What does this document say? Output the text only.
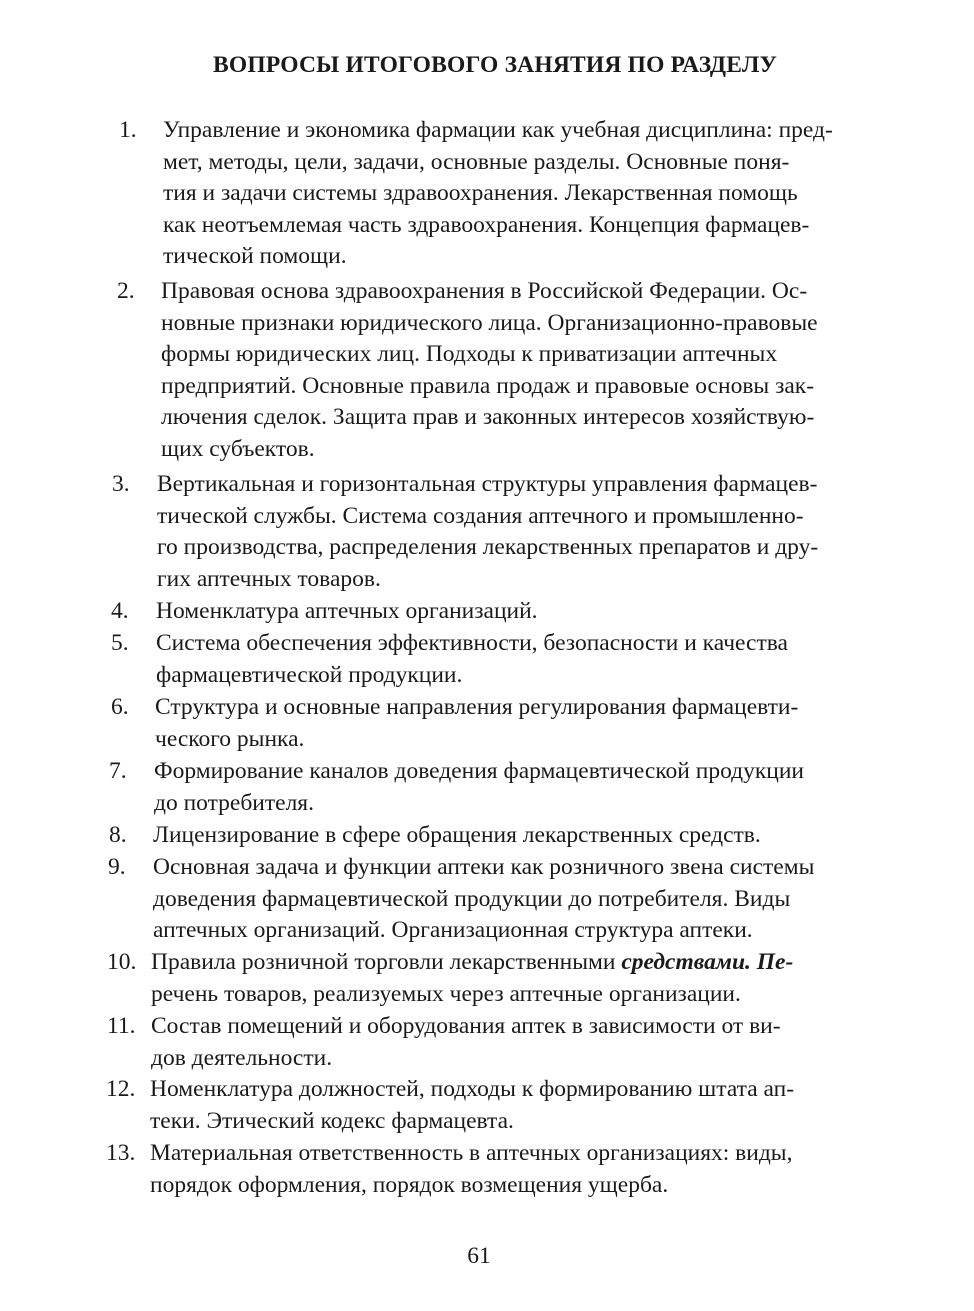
ВОПРОСЫ ИТОГОВОГО ЗАНЯТИЯ ПО РАЗДЕЛУ
1. Управление и экономика фармации как учебная дисциплина: пред-
мет, методы, цели, задачи, основные разделы. Основные поня-
тия и задачи системы здравоохранения. Лекарственная помощь
как неотъемлемая часть здравоохранения. Концепция фармацев-
тической помощи.
2. Правовая основа здравоохранения в Российской Федерации. Ос-
новные признаки юридического лица. Организационно-правовые
формы юридических лиц. Подходы к приватизации аптечных
предприятий. Основные правила продаж и правовые основы зак-
лючения сделок. Защита прав и законных интересов хозяйствую-
щих субъектов.
3. Вертикальная и горизонтальная структуры управления фармацев-
тической службы. Система создания аптечного и промышленно-
го производства, распределения лекарственных препаратов и дру-
гих аптечных товаров.
4. Номенклатура аптечных организаций.
5. Система обеспечения эффективности, безопасности и качества
фармацевтической продукции.
6. Структура и основные направления регулирования фармацевти-
ческого рынка.
7. Формирование каналов доведения фармацевтической продукции
до потребителя.
8. Лицензирование в сфере обращения лекарственных средств.
9. Основная задача и функции аптеки как розничного звена системы
доведения фармацевтической продукции до потребителя. Виды
аптечных организаций. Организационная структура аптеки.
10. Правила розничной торговли лекарственными средствами. Пе-
речень товаров, реализуемых через аптечные организации.
11. Состав помещений и оборудования аптек в зависимости от ви-
дов деятельности.
12. Номенклатура должностей, подходы к формированию штата ап-
теки. Этический кодекс фармацевта.
13. Материальная ответственность в аптечных организациях: виды,
порядок оформления, порядок возмещения ущерба.
61
